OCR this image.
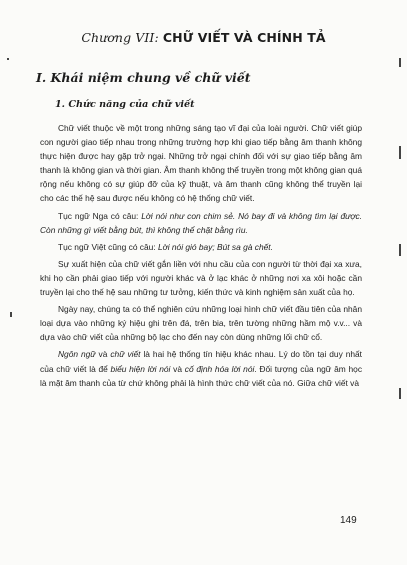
Chương VII: CHỮ VIẾT VÀ CHÍNH TẢ
I. Khái niệm chung về chữ viết
1. Chức năng của chữ viết

Chữ viết thuộc về một trong những sáng tạo vĩ đại của loài người. Chữ viết giúp con người giao tiếp nhau trong những trường hợp khi giao tiếp bằng âm thanh không thực hiện được hay gặp trở ngại. Những trở ngại chính đối với sự giao tiếp bằng âm thanh là không gian và thời gian. Âm thanh không thể truyền trong một không gian quá rộng nếu không có sự giúp đỡ của kỹ thuật, và âm thanh cũng không thể truyền lại cho các thế hệ sau được nếu không có hệ thống chữ viết.

Tục ngữ Nga có câu: Lời nói như con chim sẻ. Nó bay đi và không tìm lại được. Còn những gì viết bằng bút, thì không thể chặt bằng rìu.

Tục ngữ Việt cũng có câu: Lời nói gió bay; Bút sa gà chết.

Sự xuất hiện của chữ viết gắn liền với nhu cầu của con người từ thời đại xa xưa, khi họ cần phải giao tiếp với người khác và ở lạc khác ở những nơi xa xôi hoặc cần truyền lại cho thế hệ sau những tư tưởng, kiến thức và kinh nghiệm sản xuất của họ.

Ngày nay, chúng ta có thể nghiên cứu những loại hình chữ viết đầu tiên của nhân loại dựa vào những ký hiệu ghi trên đá, trên bia, trên tường những hầm mộ v.v... và dựa vào chữ viết của những bộ lạc cho đến nay còn dùng những lối chữ cổ.

Ngôn ngữ và chữ viết là hai hệ thống tín hiệu khác nhau. Lý do tồn tại duy nhất của chữ viết là để biểu hiện lời nói và cố định hóa lời nói. Đối tượng của ngữ âm học là mặt âm thanh của từ chứ không phải là hình thức chữ viết của nó. Giữa chữ viết và

149
